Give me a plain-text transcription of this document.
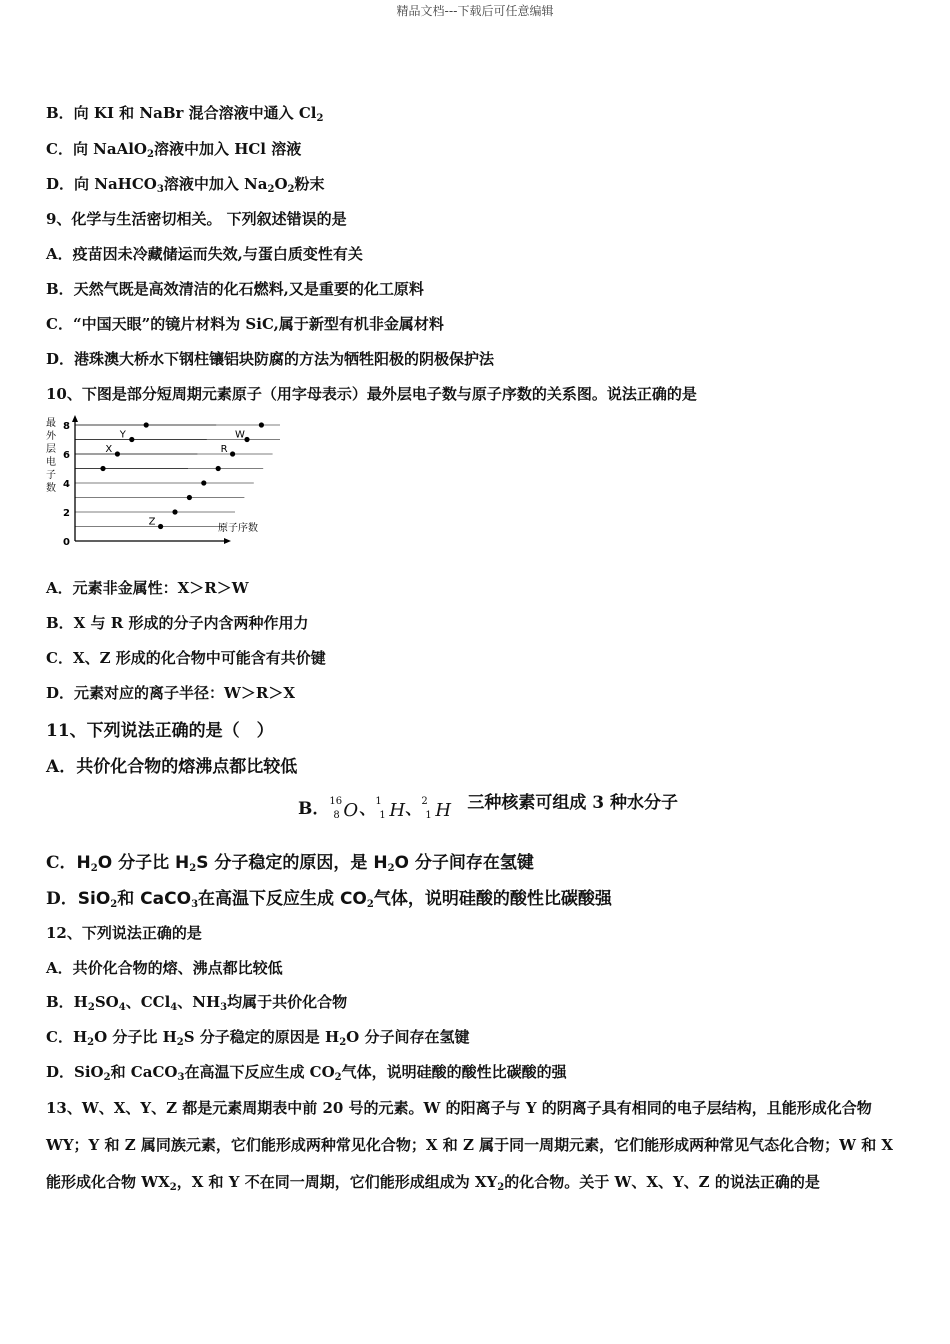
精品文档---下载后可任意编辑
B．向 KI 和 NaBr 混合溶液中通入 $Cl_2$
C．向 NaAlO$_2$溶液中加入 HCl 溶液
D．向 NaHCO$_3$溶液中加入 $Na_2O_2$粉末
9、化学与生活密切相关。 下列叙述错误的是
A．疫苗因未冷藏储运而失效,与蛋白质变性有关
B．天然气既是高效清洁的化石燃料,又是重要的化工原料
C．“中国天眼”的镜片材料为 SiC,属于新型有机非金属材料
D．港珠澳大桥水下钢柱镶铝块防腐的方法为牺牲阳极的阴极保护法
10、下图是部分短周期元素原子（用字母表示）最外层电子数与原子序数的关系图。说法正确的是
最
外
层
电
子
数
8
6
4
2
0
X
Y
Z
R
W
原子序数
A．元素非金属性：X＞R＞W
B．X 与 R 形成的分子内含两种作用力
C．X、Z 形成的化合物中可能含有共价键
D．元素对应的离子半径：W＞R＞X
11、下列说法正确的是（　）
A．共价化合物的熔沸点都比较低
B． 16
8 O 、 1
1 H 、 2
1 H 三种核素可组成 3 种水分子
C．$H_2O$ 分子比 $H_2S$ 分子稳定的原因，是 $H_2O$ 分子间存在氢键
D．SiO$_2$和 CaCO$_3$在高温下反应生成 $CO_2$气体，说明硅酸的酸性比碳酸强
12、下列说法正确的是
A．共价化合物的熔、沸点都比较低
B．$H_2SO_4$、CCl$_4$、$NH_3$均属于共价化合物
C．$H_2O$ 分子比 $H_2S$ 分子稳定的原因是 $H_2O$ 分子间存在氢键
D．SiO$_2$和 CaCO$_3$在高温下反应生成 $CO_2$气体，说明硅酸的酸性比碳酸的强
13、W、X、Y、Z 都是元素周期表中前 20 号的元素。W 的阳离子与 Y 的阴离子具有相同的电子层结构，且能形成化合物 WY；Y 和 Z 属同族元素，它们能形成两种常见化合物；X 和 Z 属于同一周期元素，它们能形成两种常见气态化合物；W 和 X 能形成化合物 $WX_2$，X 和 Y 不在同一周期，它们能形成组成为 $XY_2$的化合物。关于 W、X、Y、Z 的说法正确的是
